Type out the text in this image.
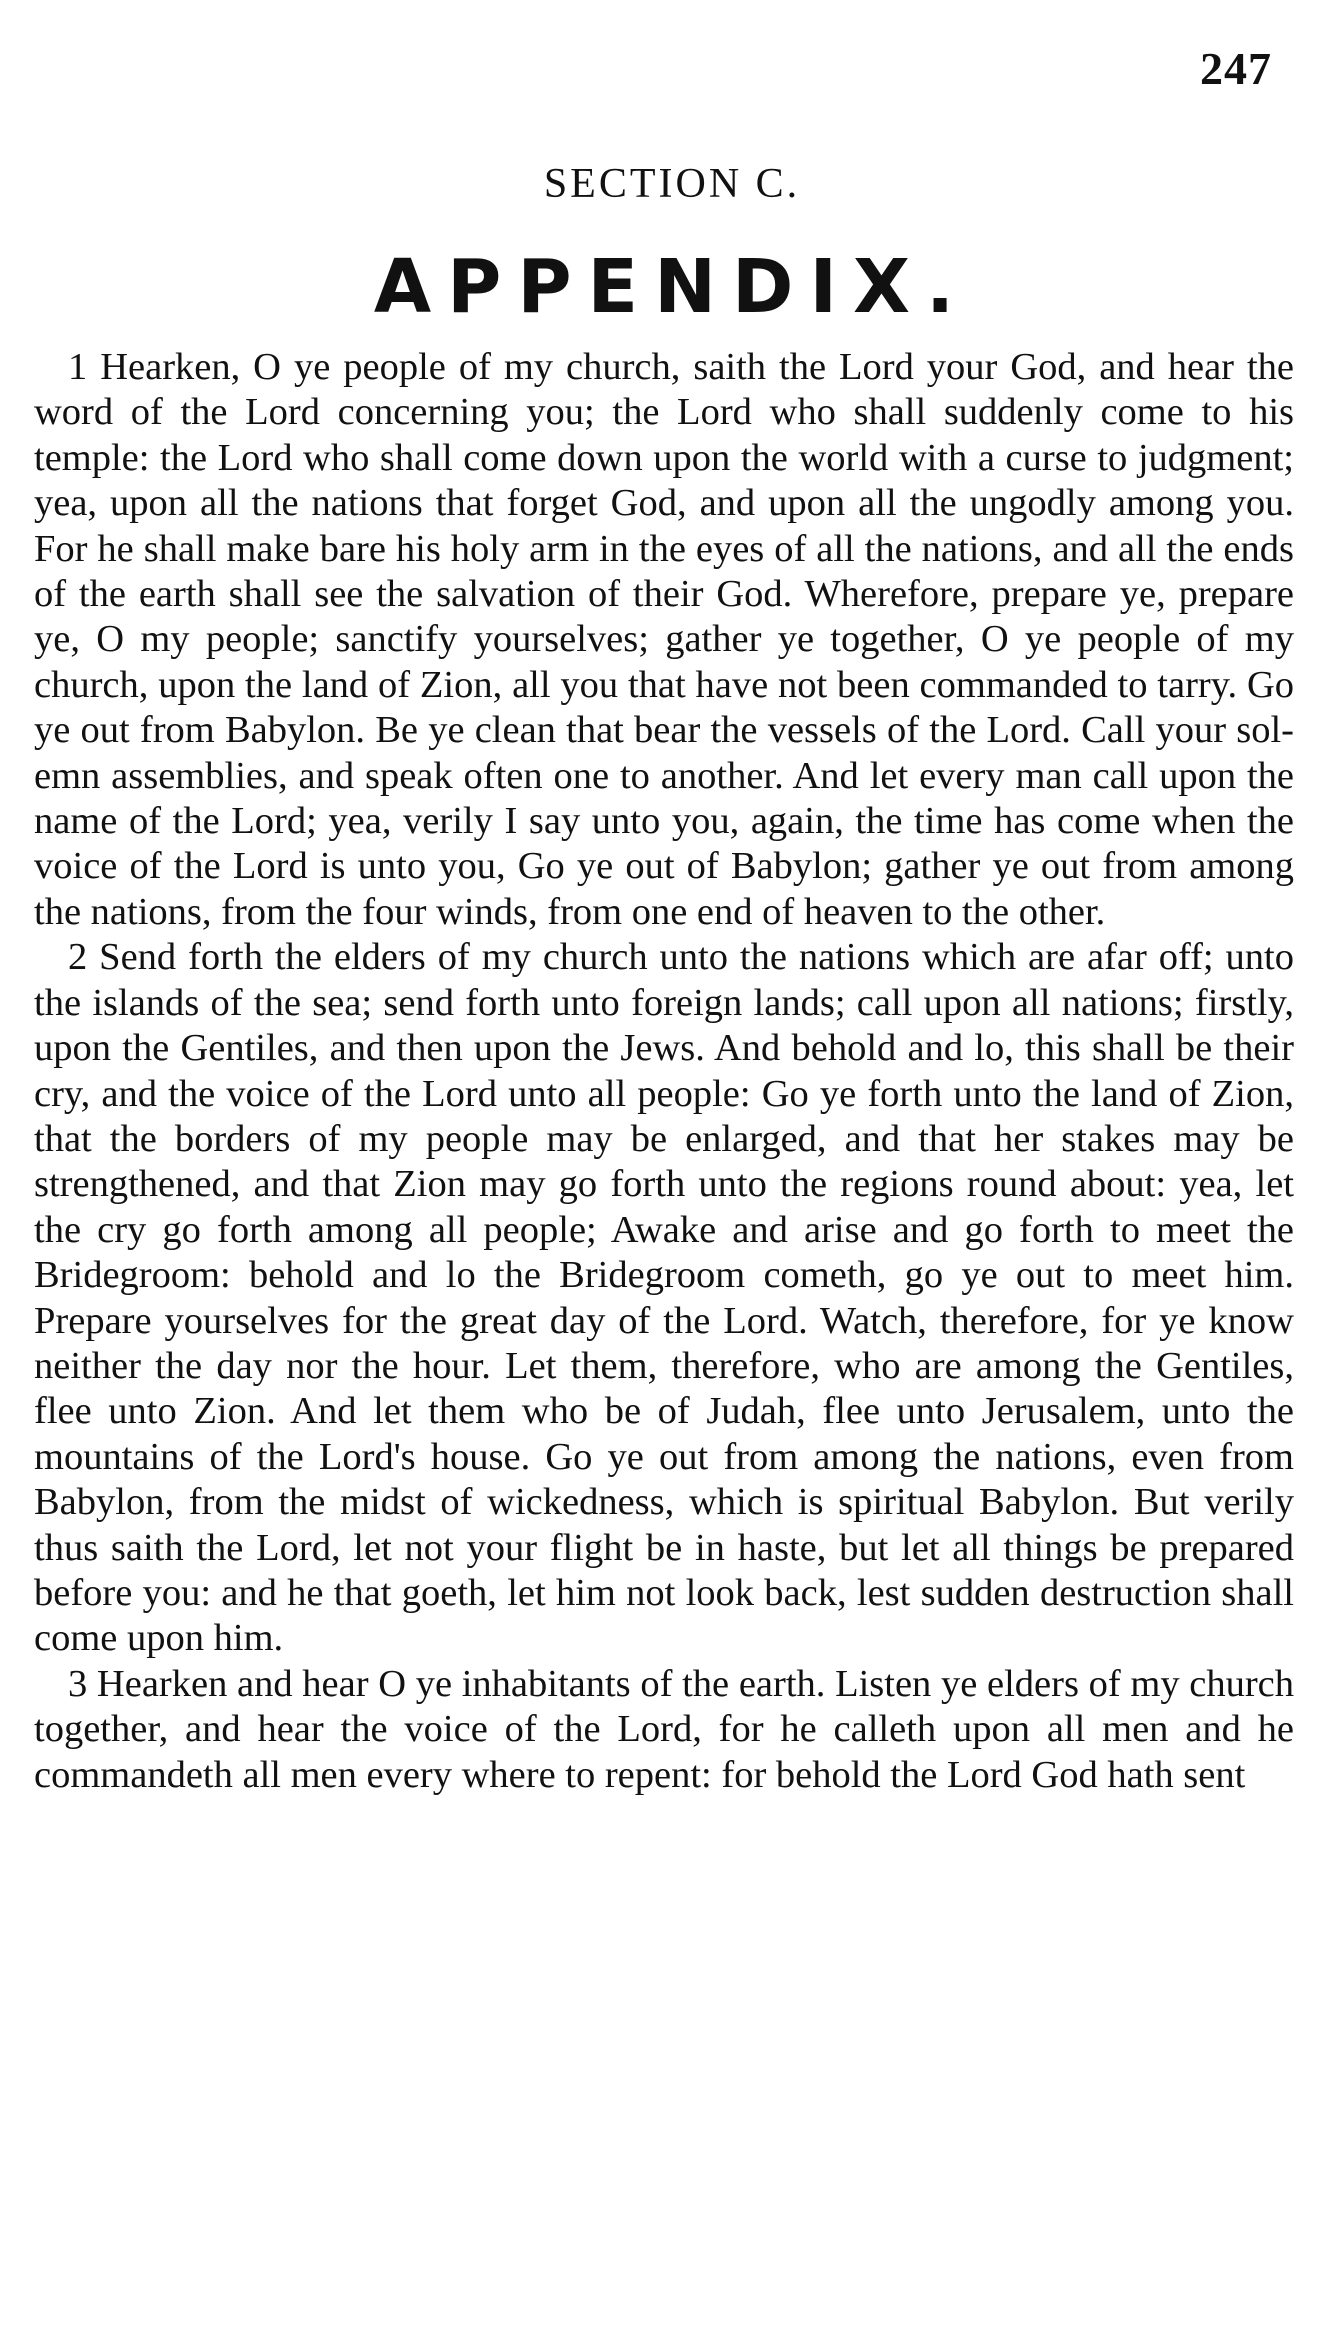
247
SECTION C.
APPENDIX.

1 Hearken, O ye people of my church, saith the Lord your God, and hear the word of the Lord concerning you; the Lord who shall suddenly come to his temple: the Lord who shall come down upon the world with a curse to judgment; yea, upon all the nations that forget God, and upon all the ungodly among you. For he shall make bare his holy arm in the eyes of all the nations, and all the ends of the earth shall see the salvation of their God. Wherefore, prepare ye, prepare ye, O my people; sanctify yourselves; gather ye together, O ye people of my church, upon the land of Zion, all you that have not been commanded to tarry. Go ye out from Babylon. Be ye clean that bear the vessels of the Lord. Call your solemn assemblies, and speak often one to another. And let every man call upon the name of the Lord; yea, verily I say unto you, again, the time has come when the voice of the Lord is unto you, Go ye out of Babylon; gather ye out from among the nations, from the four winds, from one end of heaven to the other.

2 Send forth the elders of my church unto the nations which are afar off; unto the islands of the sea; send forth unto foreign lands; call upon all nations; firstly, upon the Gentiles, and then upon the Jews. And behold and lo, this shall be their cry, and the voice of the Lord unto all people: Go ye forth unto the land of Zion, that the borders of my people may be enlarged, and that her stakes may be strengthened, and that Zion may go forth unto the regions round about: yea, let the cry go forth among all people; Awake and arise and go forth to meet the Bridegroom: behold and lo the Bridegroom cometh, go ye out to meet him. Prepare yourselves for the great day of the Lord. Watch, therefore, for ye know neither the day nor the hour. Let them, therefore, who are among the Gentiles, flee unto Zion. And let them who be of Judah, flee unto Jerusalem, unto the mountains of the Lord's house. Go ye out from among the nations, even from Babylon, from the midst of wickedness, which is spiritual Babylon. But verily thus saith the Lord, let not your flight be in haste, but let all things be prepared before you: and he that goeth, let him not look back, lest sudden destruction shall come upon him.

3 Hearken and hear O ye inhabitants of the earth. Listen ye elders of my church together, and hear the voice of the Lord, for he calleth upon all men and he commandeth all men every where to repent: for behold the Lord God hath sent
